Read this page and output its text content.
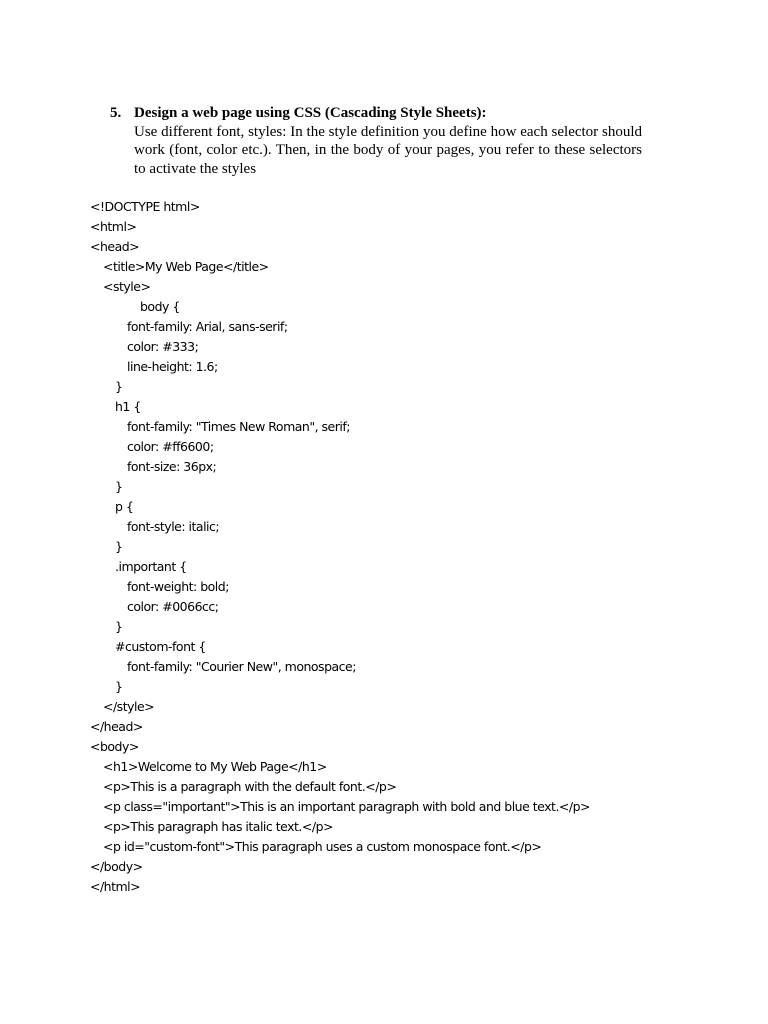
5. Design a web page using CSS (Cascading Style Sheets):
Use different font, styles: In the style definition you define how each selector should work (font, color etc.). Then, in the body of your pages, you refer to these selectors to activate the styles
<!DOCTYPE html>
<html>
<head>
<title>My Web Page</title>
<style>
body {
font-family: Arial, sans-serif;
color: #333;
line-height: 1.6;
}
h1 {
font-family: "Times New Roman", serif;
color: #ff6600;
font-size: 36px;
}
p {
font-style: italic;
}
.important {
font-weight: bold;
color: #0066cc;
}
#custom-font {
font-family: "Courier New", monospace;
}
</style>
</head>
<body>
<h1>Welcome to My Web Page</h1>
<p>This is a paragraph with the default font.</p>
<p class="important">This is an important paragraph with bold and blue text.</p>
<p>This paragraph has italic text.</p>
<p id="custom-font">This paragraph uses a custom monospace font.</p>
</body>
</html>
